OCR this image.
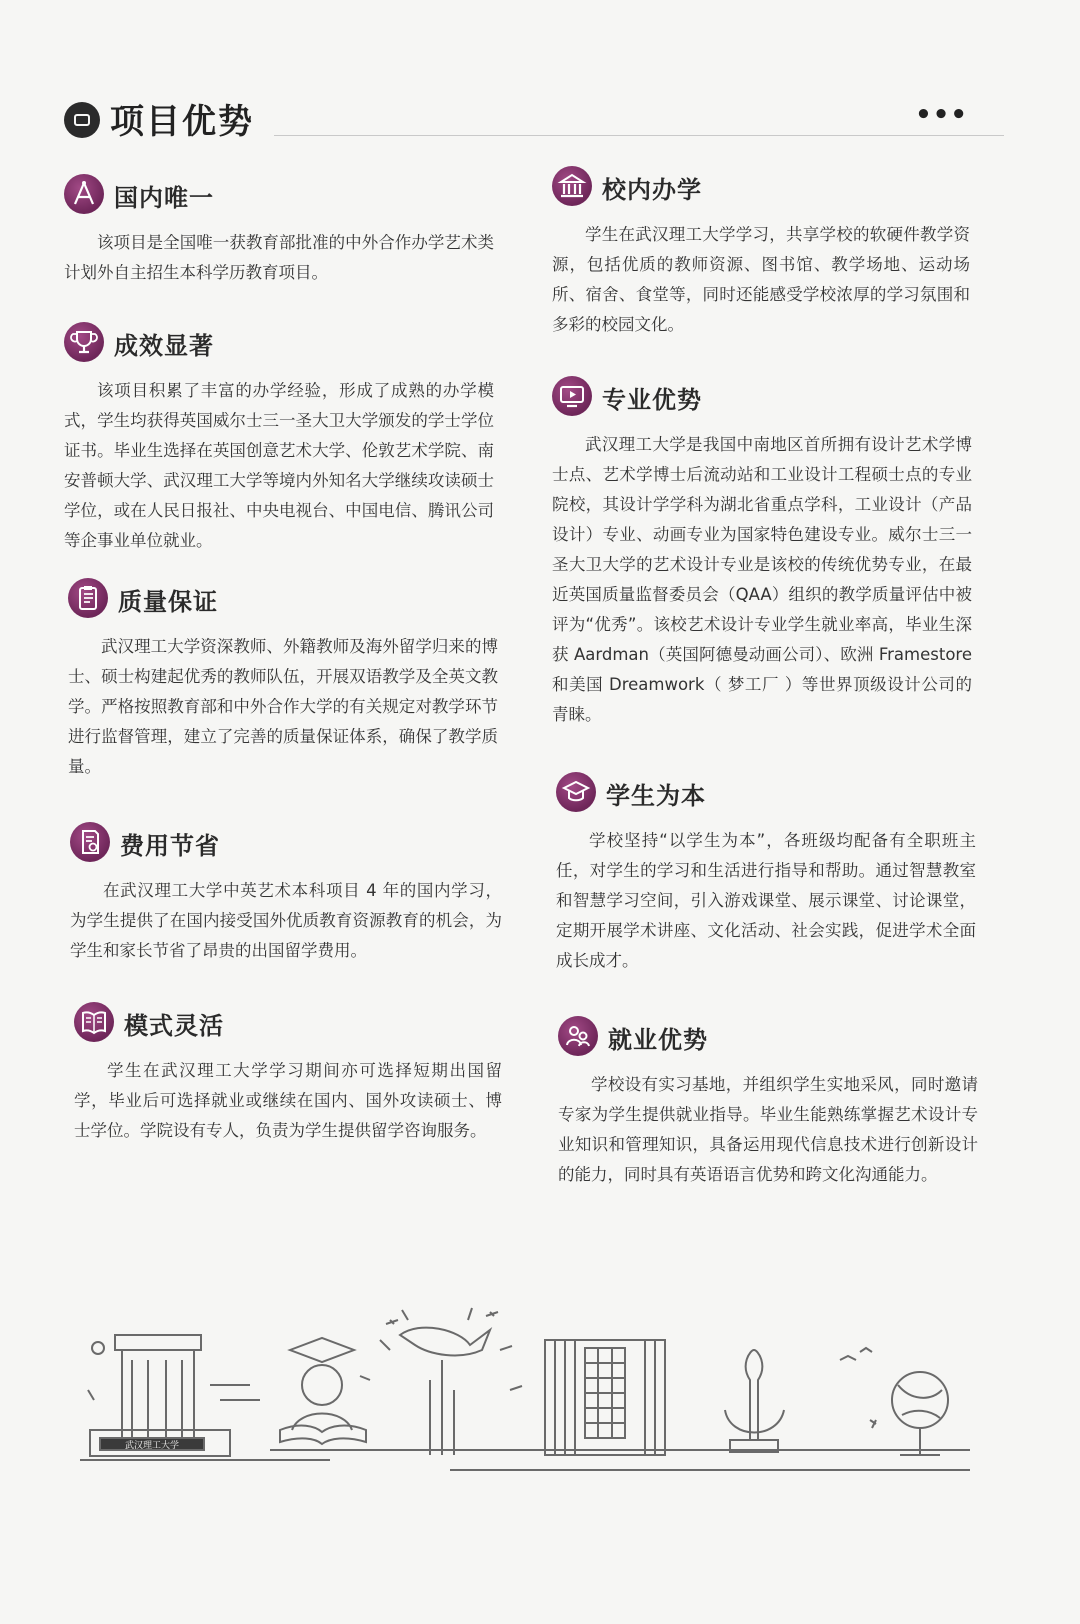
项目优势	•••
国内唯一
该项目是全国唯一获教育部批准的中外合作办学艺术类计划外自主招生本科学历教育项目。
成效显著
该项目积累了丰富的办学经验，形成了成熟的办学模式，学生均获得英国威尔士三一圣大卫大学颁发的学士学位证书。毕业生选择在英国创意艺术大学、伦敦艺术学院、南安普顿大学、武汉理工大学等境内外知名大学继续攻读硕士学位，或在人民日报社、中央电视台、中国电信、腾讯公司等企事业单位就业。
质量保证
武汉理工大学资深教师、外籍教师及海外留学归来的博士、硕士构建起优秀的教师队伍，开展双语教学及全英文教学。严格按照教育部和中外合作大学的有关规定对教学环节进行监督管理，建立了完善的质量保证体系，确保了教学质量。
费用节省
在武汉理工大学中英艺术本科项目 4 年的国内学习，为学生提供了在国内接受国外优质教育资源教育的机会，为学生和家长节省了昂贵的出国留学费用。
模式灵活
学生在武汉理工大学学习期间亦可选择短期出国留学，毕业后可选择就业或继续在国内、国外攻读硕士、博士学位。学院设有专人，负责为学生提供留学咨询服务。
校内办学
学生在武汉理工大学学习，共享学校的软硬件教学资源，包括优质的教师资源、图书馆、教学场地、运动场所、宿舍、食堂等，同时还能感受学校浓厚的学习氛围和多彩的校园文化。
专业优势
武汉理工大学是我国中南地区首所拥有设计艺术学博士点、艺术学博士后流动站和工业设计工程硕士点的专业院校，其设计学学科为湖北省重点学科，工业设计（产品设计）专业、动画专业为国家特色建设专业。威尔士三一圣大卫大学的艺术设计专业是该校的传统优势专业，在最近英国质量监督委员会（QAA）组织的教学质量评估中被评为“优秀”。该校艺术设计专业学生就业率高，毕业生深获 Aardman（英国阿德曼动画公司）、欧洲 Framestore 和美国 Dreamwork（ 梦工厂 ）等世界顶级设计公司的青睐。
学生为本
学校坚持“以学生为本”，各班级均配备有全职班主任，对学生的学习和生活进行指导和帮助。通过智慧教室和智慧学习空间，引入游戏课堂、展示课堂、讨论课堂，定期开展学术讲座、文化活动、社会实践，促进学术全面成长成才。
就业优势
学校设有实习基地，并组织学生实地采风，同时邀请专家为学生提供就业指导。毕业生能熟练掌握艺术设计专业知识和管理知识，具备运用现代信息技术进行创新设计的能力，同时具有英语语言优势和跨文化沟通能力。
武汉理工大学
